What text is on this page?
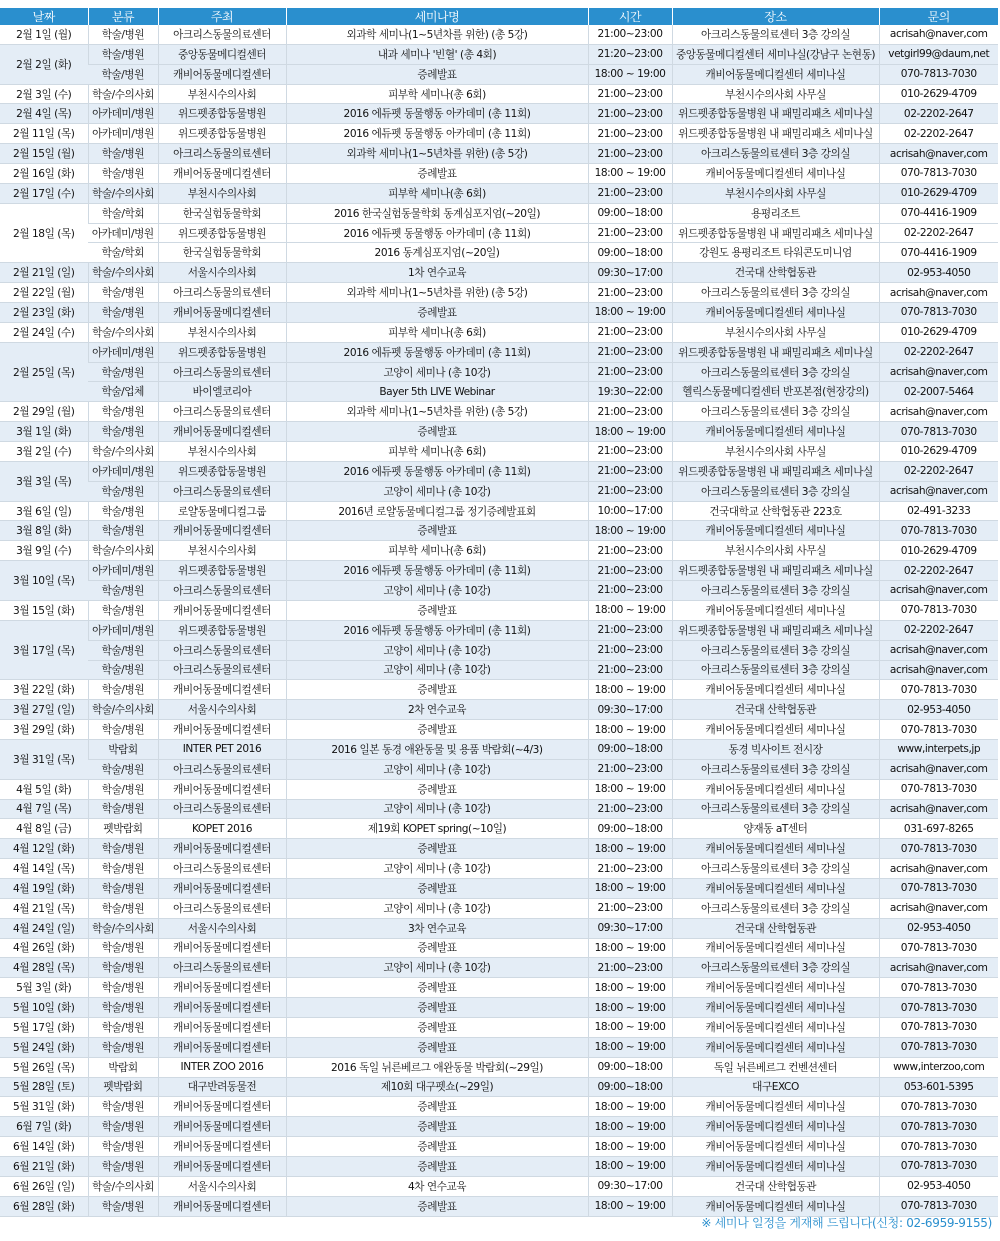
날짜	분류	주최	세미나명	시간	장소	문의
2월 1일 (월)	학술/병원	아크리스동물의료센터	외과학 세미나(1~5년차를 위한) (총 5강)	21:00~23:00	아크리스동물의료센터 3층 강의실	acrisah@naver,com
2월 2일 (화)	학술/병원	중앙동물메디컬센터	내과 세미나 '빈혈' (총 4회)	21:20~23:00	중앙동물메디컬센터 세미나실(강남구 논현동)	vetgirl99@daum,net
	학술/병원	캐비어동물메디컬센터	증례발표	18:00 ~ 19:00	캐비어동물메디컬센터 세미나실	070-7813-7030
2월 3일 (수)	학술/수의사회	부천시수의사회	피부학 세미나(총 6회)	21:00~23:00	부천시수의사회 사무실	010-2629-4709
2월 4일 (목)	아카데미/병원	위드펫종합동물병원	2016 에듀펫 동물행동 아카데미 (총 11회)	21:00~23:00	위드펫종합동물병원 내 패밀리패츠 세미나실	02-2202-2647
2월 11일 (목)	아카데미/병원	위드펫종합동물병원	2016 에듀펫 동물행동 아카데미 (총 11회)	21:00~23:00	위드펫종합동물병원 내 패밀리패츠 세미나실	02-2202-2647
2월 15일 (월)	학술/병원	아크리스동물의료센터	외과학 세미나(1~5년차를 위한) (총 5강)	21:00~23:00	아크리스동물의료센터 3층 강의실	acrisah@naver,com
2월 16일 (화)	학술/병원	캐비어동물메디컬센터	증례발표	18:00 ~ 19:00	캐비어동물메디컬센터 세미나실	070-7813-7030
2월 17일 (수)	학술/수의사회	부천시수의사회	피부학 세미나(총 6회)	21:00~23:00	부천시수의사회 사무실	010-2629-4709
2월 18일 (목)	학술/학회	한국실험동물학회	2016 한국실험동물학회 동계심포지엄(~20일)	09:00~18:00	용평리조트	070-4416-1909
	아카데미/병원	위드펫종합동물병원	2016 에듀펫 동물행동 아카데미 (총 11회)	21:00~23:00	위드펫종합동물병원 내 패밀리패츠 세미나실	02-2202-2647
	학술/학회	한국실험동물학회	2016 동계심포지엄(~20일)	09:00~18:00	강원도 용평리조트 타워콘도미니엄	070-4416-1909
2월 21일 (일)	학술/수의사회	서울시수의사회	1차 연수교육	09:30~17:00	건국대 산학협동관	02-953-4050
2월 22일 (월)	학술/병원	아크리스동물의료센터	외과학 세미나(1~5년차를 위한) (총 5강)	21:00~23:00	아크리스동물의료센터 3층 강의실	acrisah@naver,com
2월 23일 (화)	학술/병원	캐비어동물메디컬센터	증례발표	18:00 ~ 19:00	캐비어동물메디컬센터 세미나실	070-7813-7030
2월 24일 (수)	학술/수의사회	부천시수의사회	피부학 세미나(총 6회)	21:00~23:00	부천시수의사회 사무실	010-2629-4709
2월 25일 (목)	아카데미/병원	위드펫종합동물병원	2016 에듀펫 동물행동 아카데미 (총 11회)	21:00~23:00	위드펫종합동물병원 내 패밀리패츠 세미나실	02-2202-2647
	학술/병원	아크리스동물의료센터	고양이 세미나 (총 10강)	21:00~23:00	아크리스동물의료센터 3층 강의실	acrisah@naver,com
	학술/업체	바이엘코리아	Bayer 5th LIVE Webinar	19:30~22:00	헬릭스동물메디컬센터 반포본점(현장강의)	02-2007-5464
2월 29일 (월)	학술/병원	아크리스동물의료센터	외과학 세미나(1~5년차를 위한) (총 5강)	21:00~23:00	아크리스동물의료센터 3층 강의실	acrisah@naver,com
3월 1일 (화)	학술/병원	캐비어동물메디컬센터	증례발표	18:00 ~ 19:00	캐비어동물메디컬센터 세미나실	070-7813-7030
3월 2일 (수)	학술/수의사회	부천시수의사회	피부학 세미나(총 6회)	21:00~23:00	부천시수의사회 사무실	010-2629-4709
3월 3일 (목)	아카데미/병원	위드펫종합동물병원	2016 에듀펫 동물행동 아카데미 (총 11회)	21:00~23:00	위드펫종합동물병원 내 패밀리패츠 세미나실	02-2202-2647
	학술/병원	아크리스동물의료센터	고양이 세미나 (총 10강)	21:00~23:00	아크리스동물의료센터 3층 강의실	acrisah@naver,com
3월 6일 (일)	학술/병원	로얄동물메디컬그룹	2016년 로얄동물메디컬그룹 정기증례발표회	10:00~17:00	건국대학교 산학협동관 223호	02-491-3233
3월 8일 (화)	학술/병원	캐비어동물메디컬센터	증례발표	18:00 ~ 19:00	캐비어동물메디컬센터 세미나실	070-7813-7030
3월 9일 (수)	학술/수의사회	부천시수의사회	피부학 세미나(총 6회)	21:00~23:00	부천시수의사회 사무실	010-2629-4709
3월 10일 (목)	아카데미/병원	위드펫종합동물병원	2016 에듀펫 동물행동 아카데미 (총 11회)	21:00~23:00	위드펫종합동물병원 내 패밀리패츠 세미나실	02-2202-2647
	학술/병원	아크리스동물의료센터	고양이 세미나 (총 10강)	21:00~23:00	아크리스동물의료센터 3층 강의실	acrisah@naver,com
3월 15일 (화)	학술/병원	캐비어동물메디컬센터	증례발표	18:00 ~ 19:00	캐비어동물메디컬센터 세미나실	070-7813-7030
3월 17일 (목)	아카데미/병원	위드펫종합동물병원	2016 에듀펫 동물행동 아카데미 (총 11회)	21:00~23:00	위드펫종합동물병원 내 패밀리패츠 세미나실	02-2202-2647
	학술/병원	아크리스동물의료센터	고양이 세미나 (총 10강)	21:00~23:00	아크리스동물의료센터 3층 강의실	acrisah@naver,com
	학술/병원	아크리스동물의료센터	고양이 세미나 (총 10강)	21:00~23:00	아크리스동물의료센터 3층 강의실	acrisah@naver,com
3월 22일 (화)	학술/병원	캐비어동물메디컬센터	증례발표	18:00 ~ 19:00	캐비어동물메디컬센터 세미나실	070-7813-7030
3월 27일 (일)	학술/수의사회	서울시수의사회	2차 연수교육	09:30~17:00	건국대 산학협동관	02-953-4050
3월 29일 (화)	학술/병원	캐비어동물메디컬센터	증례발표	18:00 ~ 19:00	캐비어동물메디컬센터 세미나실	070-7813-7030
3월 31일 (목)	박람회	INTER PET 2016	2016 일본 동경 애완동물 및 용품 박람회(~4/3)	09:00~18:00	동경 빅사이트 전시장	www,interpets,jp
	학술/병원	아크리스동물의료센터	고양이 세미나 (총 10강)	21:00~23:00	아크리스동물의료센터 3층 강의실	acrisah@naver,com
4월 5일 (화)	학술/병원	캐비어동물메디컬센터	증례발표	18:00 ~ 19:00	캐비어동물메디컬센터 세미나실	070-7813-7030
4월 7일 (목)	학술/병원	아크리스동물의료센터	고양이 세미나 (총 10강)	21:00~23:00	아크리스동물의료센터 3층 강의실	acrisah@naver,com
4월 8일 (금)	펫박람회	KOPET 2016	제19회 KOPET spring(~10일)	09:00~18:00	양재동 aT센터	031-697-8265
4월 12일 (화)	학술/병원	캐비어동물메디컬센터	증례발표	18:00 ~ 19:00	캐비어동물메디컬센터 세미나실	070-7813-7030
4월 14일 (목)	학술/병원	아크리스동물의료센터	고양이 세미나 (총 10강)	21:00~23:00	아크리스동물의료센터 3층 강의실	acrisah@naver,com
4월 19일 (화)	학술/병원	캐비어동물메디컬센터	증례발표	18:00 ~ 19:00	캐비어동물메디컬센터 세미나실	070-7813-7030
4월 21일 (목)	학술/병원	아크리스동물의료센터	고양이 세미나 (총 10강)	21:00~23:00	아크리스동물의료센터 3층 강의실	acrisah@naver,com
4월 24일 (일)	학술/수의사회	서울시수의사회	3차 연수교육	09:30~17:00	건국대 산학협동관	02-953-4050
4월 26일 (화)	학술/병원	캐비어동물메디컬센터	증례발표	18:00 ~ 19:00	캐비어동물메디컬센터 세미나실	070-7813-7030
4월 28일 (목)	학술/병원	아크리스동물의료센터	고양이 세미나 (총 10강)	21:00~23:00	아크리스동물의료센터 3층 강의실	acrisah@naver,com
5월 3일 (화)	학술/병원	캐비어동물메디컬센터	증례발표	18:00 ~ 19:00	캐비어동물메디컬센터 세미나실	070-7813-7030
5월 10일 (화)	학술/병원	캐비어동물메디컬센터	증례발표	18:00 ~ 19:00	캐비어동물메디컬센터 세미나실	070-7813-7030
5월 17일 (화)	학술/병원	캐비어동물메디컬센터	증례발표	18:00 ~ 19:00	캐비어동물메디컬센터 세미나실	070-7813-7030
5월 24일 (화)	학술/병원	캐비어동물메디컬센터	증례발표	18:00 ~ 19:00	캐비어동물메디컬센터 세미나실	070-7813-7030
5월 26일 (목)	박람회	INTER ZOO 2016	2016 독일 뉘른베르그 애완동물 박람회(~29일)	09:00~18:00	독일 뉘른베르그 컨벤션센터	www,interzoo,com
5월 28일 (토)	펫박람회	대구반려동물전	제10회 대구펫쇼(~29일)	09:00~18:00	대구EXCO	053-601-5395
5월 31일 (화)	학술/병원	캐비어동물메디컬센터	증례발표	18:00 ~ 19:00	캐비어동물메디컬센터 세미나실	070-7813-7030
6월 7일 (화)	학술/병원	캐비어동물메디컬센터	증례발표	18:00 ~ 19:00	캐비어동물메디컬센터 세미나실	070-7813-7030
6월 14일 (화)	학술/병원	캐비어동물메디컬센터	증례발표	18:00 ~ 19:00	캐비어동물메디컬센터 세미나실	070-7813-7030
6월 21일 (화)	학술/병원	캐비어동물메디컬센터	증례발표	18:00 ~ 19:00	캐비어동물메디컬센터 세미나실	070-7813-7030
6월 26일 (일)	학술/수의사회	서울시수의사회	4차 연수교육	09:30~17:00	건국대 산학협동관	02-953-4050
6월 28일 (화)	학술/병원	캐비어동물메디컬센터	증례발표	18:00 ~ 19:00	캐비어동물메디컬센터 세미나실	070-7813-7030
※ 세미나 일정을 게재해 드립니다(신청: 02-6959-9155)
